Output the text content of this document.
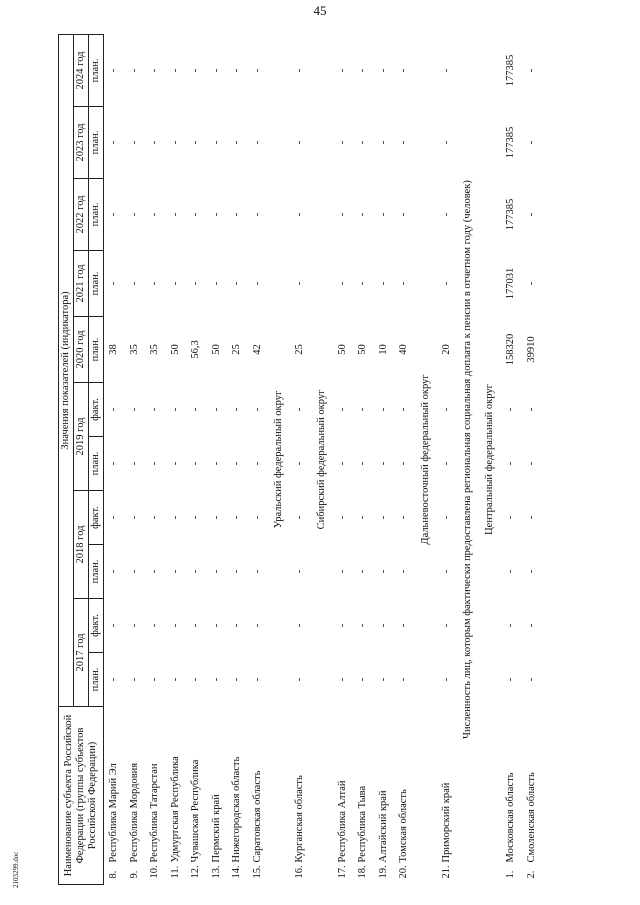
45
2103299.doc	Наименование субъекта Российской Федерации (группы субъектов Российской Федерации)		Значения показателей (индикатора)										
		2017 год		2018 год		2019 год		2020 год	2021 год	2022 год	2023 год	2024 год
		план.	факт.	план.	факт.	план.	факт.	план.	план.	план.	план.	план.
8.	Республика Марий Эл	-	-	-	-	-	-	38	-	-	-	-
9.	Республика Мордовия	-	-	-	-	-	-	35	-	-	-	-
10.	Республика Татарстан	-	-	-	-	-	-	35	-	-	-	-
11.	Удмуртская Республика	-	-	-	-	-	-	50	-	-	-	-
12.	Чувашская Республика	-	-	-	-	-	-	56,3	-	-	-	-
13.	Пермский край	-	-	-	-	-	-	50	-	-	-	-
14.	Нижегородская область	-	-	-	-	-	-	25	-	-	-	-
15.	Саратовская область	-	-	-	-	-	-	42	-	-	-	-
Уральский федеральный округ												
16.	Курганская область	-	-	-	-	-	-	25	-	-	-	-
Сибирский федеральный округ												
17.	Республика Алтай	-	-	-	-	-	-	50	-	-	-	-
18.	Республика Тыва	-	-	-	-	-	-	50	-	-	-	-
19.	Алтайский край	-	-	-	-	-	-	10	-	-	-	-
20.	Томская область	-	-	-	-	-	-	40	-	-	-	-
Дальневосточный федеральный округ												
21.	Приморский край	-	-	-	-	-	-	20	-	-	-	-
Численность лиц, которым фактически предоставлена региональная социальная доплата к пенсии в отчетном году (человек)												
Центральный федеральный округ												
1.	Московская область	-	-	-	-	-	-	158320	177031	177385	177385	177385
2.	Смоленская область	-	-	-	-	-	-	39910	-	-	-	-
